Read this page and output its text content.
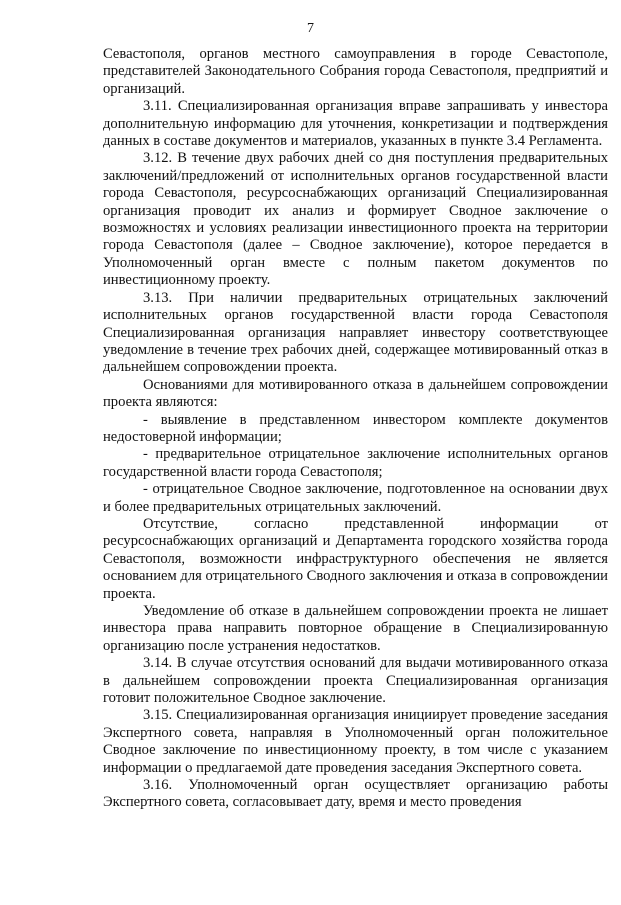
7

Севастополя, органов местного самоуправления в городе Севастополе, представителей Законодательного Собрания города Севастополя, предприятий и организаций.

3.11. Специализированная организация вправе запрашивать у инвестора дополнительную информацию для уточнения, конкретизации и подтверждения данных в составе документов и материалов, указанных в пункте 3.4 Регламента.

3.12. В течение двух рабочих дней со дня поступления предварительных заключений/предложений от исполнительных органов государственной власти города Севастополя, ресурсоснабжающих организаций Специализированная организация проводит их анализ и формирует Сводное заключение о возможностях и условиях реализации инвестиционного проекта на территории города Севастополя (далее – Сводное заключение), которое передается в Уполномоченный орган вместе с полным пакетом документов по инвестиционному проекту.

3.13. При наличии предварительных отрицательных заключений исполнительных органов государственной власти города Севастополя Специализированная организация направляет инвестору соответствующее уведомление в течение трех рабочих дней, содержащее мотивированный отказ в дальнейшем сопровождении проекта.

Основаниями для мотивированного отказа в дальнейшем сопровождении проекта являются:

- выявление в представленном инвестором комплекте документов недостоверной информации;

- предварительное отрицательное заключение исполнительных органов государственной власти города Севастополя;

- отрицательное Сводное заключение, подготовленное на основании двух и более предварительных отрицательных заключений.

Отсутствие, согласно представленной информации от ресурсоснабжающих организаций и Департамента городского хозяйства города Севастополя, возможности инфраструктурного обеспечения не является основанием для отрицательного Сводного заключения и отказа в сопровождении проекта.

Уведомление об отказе в дальнейшем сопровождении проекта не лишает инвестора права направить повторное обращение в Специализированную организацию после устранения недостатков.

3.14. В случае отсутствия оснований для выдачи мотивированного отказа в дальнейшем сопровождении проекта Специализированная организация готовит положительное Сводное заключение.

3.15. Специализированная организация инициирует проведение заседания Экспертного совета, направляя в Уполномоченный орган положительное Сводное заключение по инвестиционному проекту, в том числе с указанием информации о предлагаемой дате проведения заседания Экспертного совета.

3.16. Уполномоченный орган осуществляет организацию работы Экспертного совета, согласовывает дату, время и место проведения
